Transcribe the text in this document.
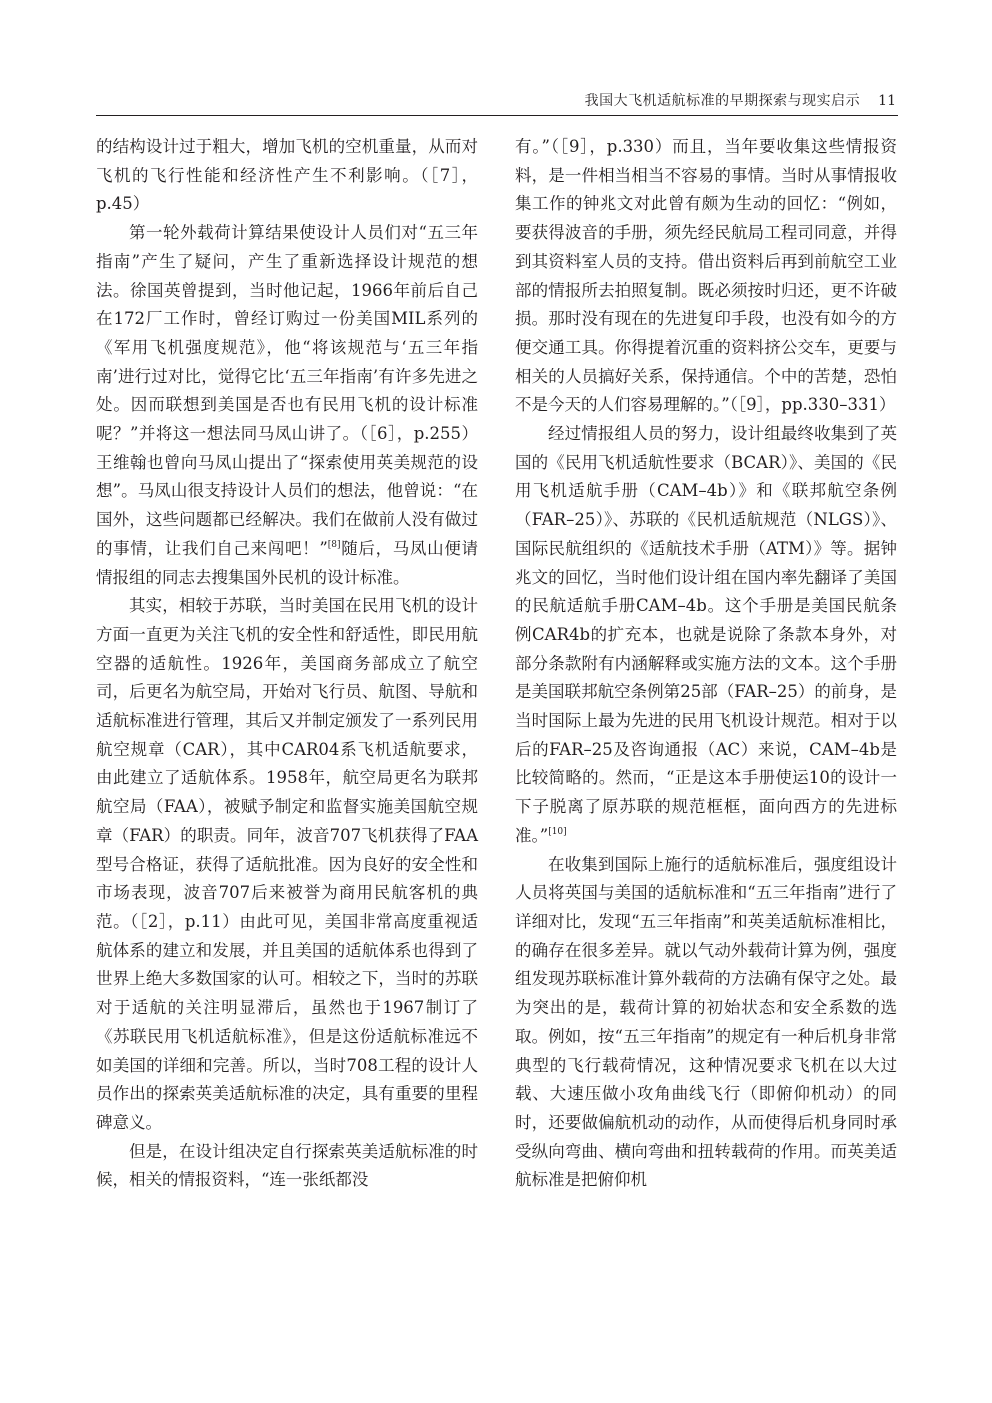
我国大飞机适航标准的早期探索与现实启示 11

的结构设计过于粗大，增加飞机的空机重量，从而对飞机的飞行性能和经济性产生不利影响。（［7］，p.45）

第一轮外载荷计算结果使设计人员们对“五三年指南”产生了疑问，产生了重新选择设计规范的想法。徐国英曾提到，当时他记起，1966年前后自己在172厂工作时，曾经订购过一份美国MIL系列的《军用飞机强度规范》，他“将该规范与‘五三年指南’进行过对比，觉得它比‘五三年指南’有许多先进之处。因而联想到美国是否也有民用飞机的设计标准呢？”并将这一想法同马凤山讲了。（［6］，p.255）王维翰也曾向马凤山提出了“探索使用英美规范的设想”。马凤山很支持设计人员们的想法，他曾说：“在国外，这些问题都已经解决。我们在做前人没有做过的事情，让我们自己来闯吧！”[8]随后，马凤山便请情报组的同志去搜集国外民机的设计标准。

其实，相较于苏联，当时美国在民用飞机的设计方面一直更为关注飞机的安全性和舒适性，即民用航空器的适航性。1926年，美国商务部成立了航空司，后更名为航空局，开始对飞行员、航图、导航和适航标准进行管理，其后又并制定颁发了一系列民用航空规章（CAR），其中CAR04系飞机适航要求，由此建立了适航体系。1958年，航空局更名为联邦航空局（FAA），被赋予制定和监督实施美国航空规章（FAR）的职责。同年，波音707飞机获得了FAA型号合格证，获得了适航批准。因为良好的安全性和市场表现，波音707后来被誉为商用民航客机的典范。（［2］，p.11）由此可见，美国非常高度重视适航体系的建立和发展，并且美国的适航体系也得到了世界上绝大多数国家的认可。相较之下，当时的苏联对于适航的关注明显滞后，虽然也于1967制订了《苏联民用飞机适航标准》，但是这份适航标准远不如美国的详细和完善。所以，当时708工程的设计人员作出的探索英美适航标准的决定，具有重要的里程碑意义。

但是，在设计组决定自行探索英美适航标准的时候，相关的情报资料，“连一张纸都没

有。”（［9］，p.330）而且，当年要收集这些情报资料，是一件相当相当不容易的事情。当时从事情报收集工作的钟兆文对此曾有颇为生动的回忆：“例如，要获得波音的手册，须先经民航局工程司同意，并得到其资料室人员的支持。借出资料后再到前航空工业部的情报所去拍照复制。既必须按时归还，更不许破损。那时没有现在的先进复印手段，也没有如今的方便交通工具。你得提着沉重的资料挤公交车，更要与相关的人员搞好关系，保持通信。个中的苦楚，恐怕不是今天的人们容易理解的。”（［9］，pp.330–331）

经过情报组人员的努力，设计组最终收集到了英国的《民用飞机适航性要求（BCAR）》、美国的《民用飞机适航手册（CAM–4b）》和《联邦航空条例（FAR–25）》、苏联的《民机适航规范（NLGS）》、国际民航组织的《适航技术手册（ATM）》等。据钟兆文的回忆，当时他们设计组在国内率先翻译了美国的民航适航手册CAM–4b。这个手册是美国民航条例CAR4b的扩充本，也就是说除了条款本身外，对部分条款附有内涵解释或实施方法的文本。这个手册是美国联邦航空条例第25部（FAR–25）的前身，是当时国际上最为先进的民用飞机设计规范。相对于以后的FAR–25及咨询通报（AC）来说，CAM–4b是比较简略的。然而，“正是这本手册使运10的设计一下子脱离了原苏联的规范框框，面向西方的先进标准。”[10]

在收集到国际上施行的适航标准后，强度组设计人员将英国与美国的适航标准和“五三年指南”进行了详细对比，发现“五三年指南”和英美适航标准相比，的确存在很多差异。就以气动外载荷计算为例，强度组发现苏联标准计算外载荷的方法确有保守之处。最为突出的是，载荷计算的初始状态和安全系数的选取。例如，按“五三年指南”的规定有一种后机身非常典型的飞行载荷情况，这种情况要求飞机在以大过载、大速压做小攻角曲线飞行（即俯仰机动）的同时，还要做偏航机动的动作，从而使得后机身同时承受纵向弯曲、横向弯曲和扭转载荷的作用。而英美适航标准是把俯仰机
